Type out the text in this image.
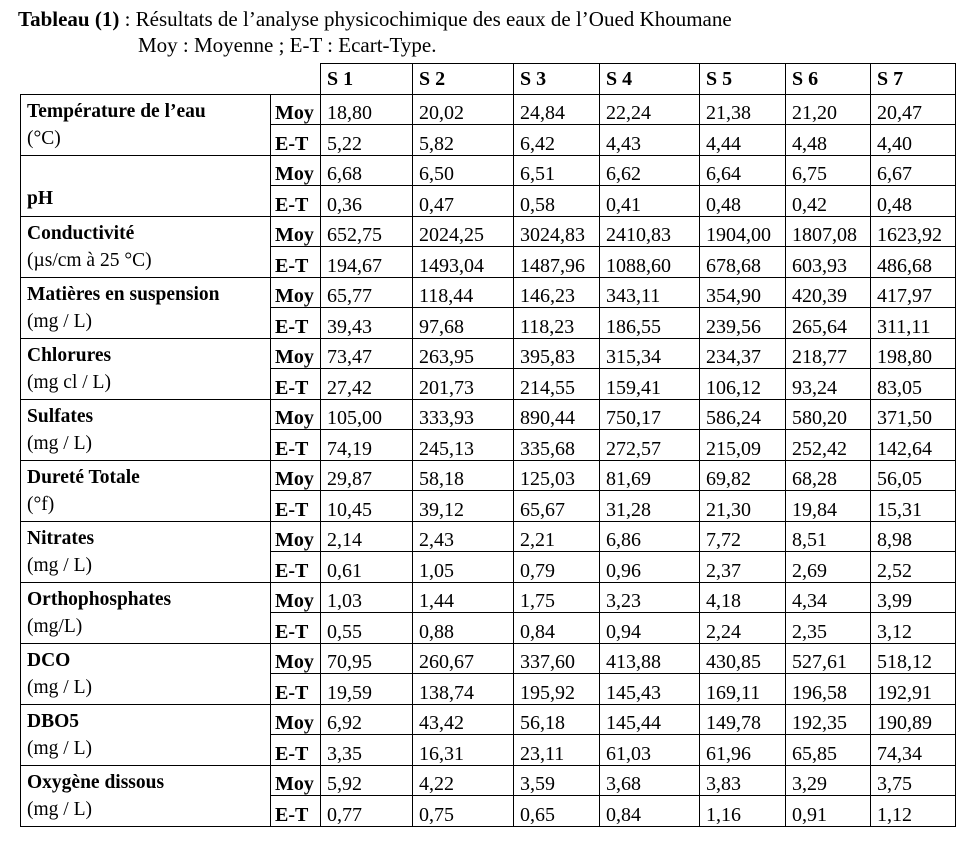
Tableau (1) : Résultats de l’analyse physicochimique des eaux de l’Oued Khoumane
Moy : Moyenne ; E-T : Ecart-Type.
		S 1	S 2	S 3	S 4	S 5	S 6	S 7
Température de l’eau
(°C)	Moy	18,80	20,02	24,84	22,24	21,38	21,20	20,47
	E-T	5,22	5,82	6,42	4,43	4,44	4,48	4,40
pH	Moy	6,68	6,50	6,51	6,62	6,64	6,75	6,67
	E-T	0,36	0,47	0,58	0,41	0,48	0,42	0,48
Conductivité
(µs/cm à 25 °C)	Moy	652,75	2024,25	3024,83	2410,83	1904,00	1807,08	1623,92
	E-T	194,67	1493,04	1487,96	1088,60	678,68	603,93	486,68
Matières en suspension
(mg / L)	Moy	65,77	118,44	146,23	343,11	354,90	420,39	417,97
	E-T	39,43	97,68	118,23	186,55	239,56	265,64	311,11
Chlorures
(mg cl / L)	Moy	73,47	263,95	395,83	315,34	234,37	218,77	198,80
	E-T	27,42	201,73	214,55	159,41	106,12	93,24	83,05
Sulfates
(mg / L)	Moy	105,00	333,93	890,44	750,17	586,24	580,20	371,50
	E-T	74,19	245,13	335,68	272,57	215,09	252,42	142,64
Dureté Totale
(°f)	Moy	29,87	58,18	125,03	81,69	69,82	68,28	56,05
	E-T	10,45	39,12	65,67	31,28	21,30	19,84	15,31
Nitrates
(mg / L)	Moy	2,14	2,43	2,21	6,86	7,72	8,51	8,98
	E-T	0,61	1,05	0,79	0,96	2,37	2,69	2,52
Orthophosphates
(mg/L)	Moy	1,03	1,44	1,75	3,23	4,18	4,34	3,99
	E-T	0,55	0,88	0,84	0,94	2,24	2,35	3,12
DCO
(mg / L)	Moy	70,95	260,67	337,60	413,88	430,85	527,61	518,12
	E-T	19,59	138,74	195,92	145,43	169,11	196,58	192,91
DBO5
(mg / L)	Moy	6,92	43,42	56,18	145,44	149,78	192,35	190,89
	E-T	3,35	16,31	23,11	61,03	61,96	65,85	74,34
Oxygène dissous
(mg / L)	Moy	5,92	4,22	3,59	3,68	3,83	3,29	3,75
	E-T	0,77	0,75	0,65	0,84	1,16	0,91	1,12
